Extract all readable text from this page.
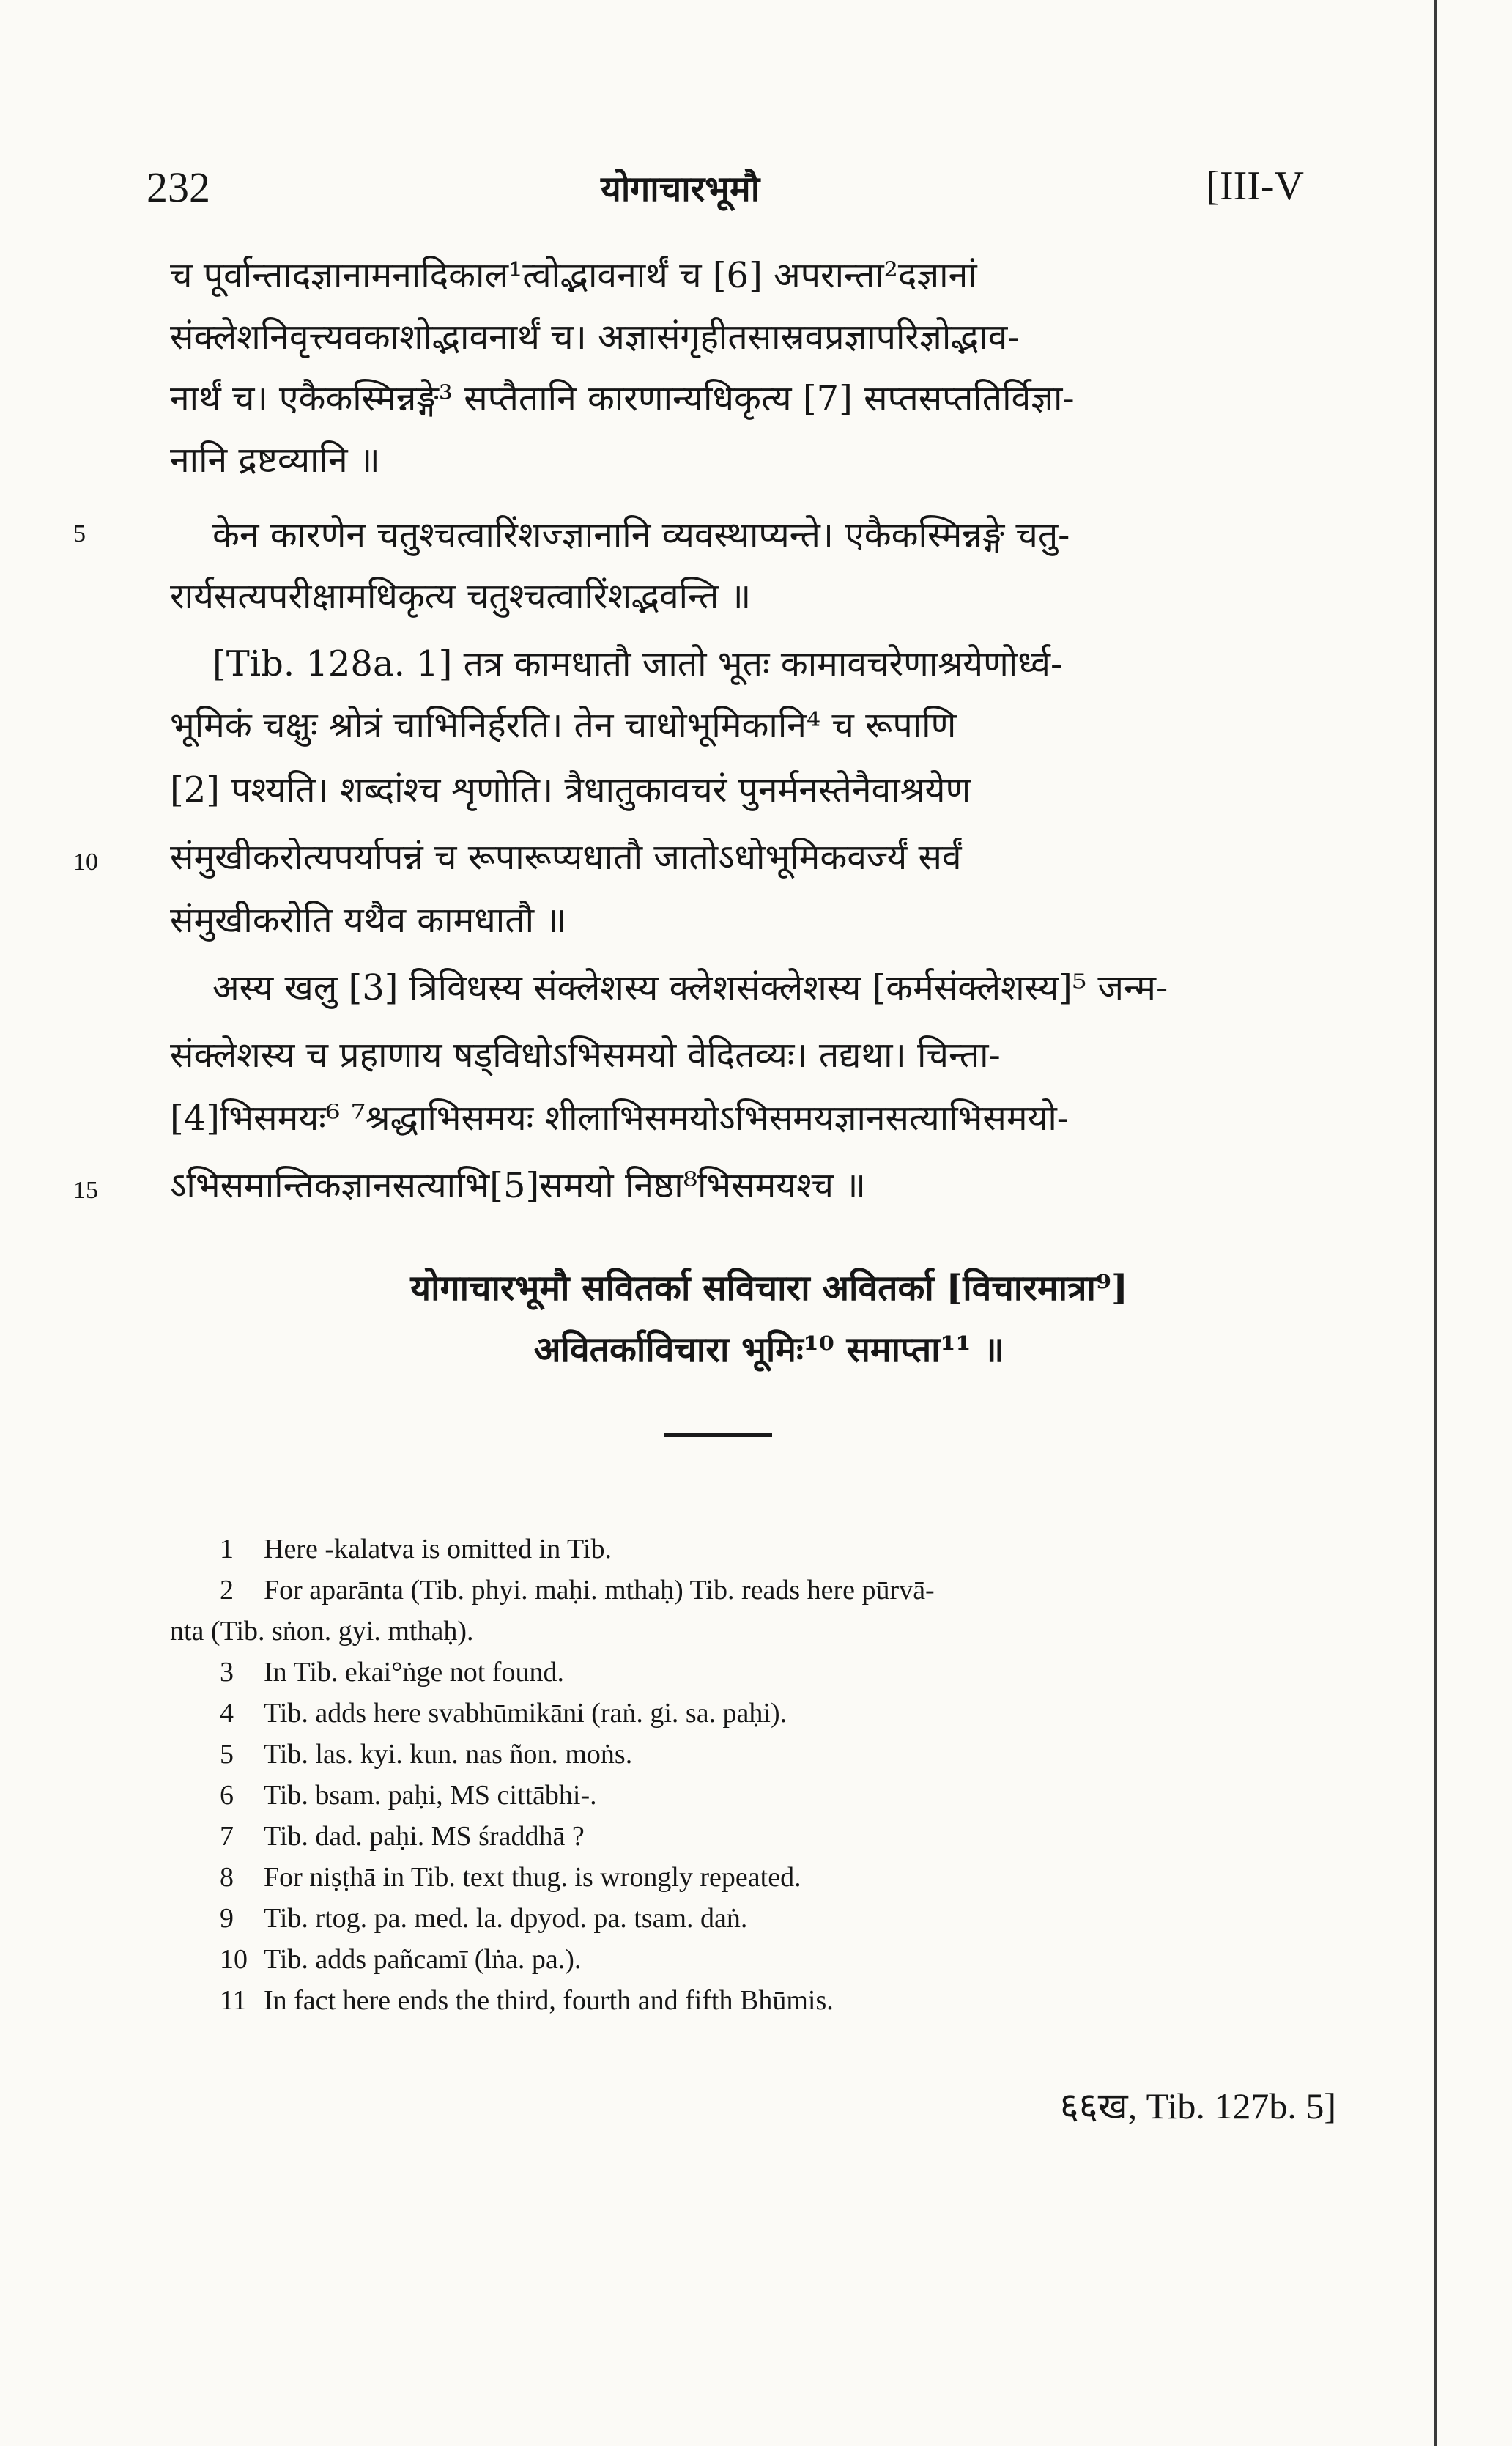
232	योगाचारभूमौ	[III-V

च पूर्वान्तादज्ञानामनादिकाल¹त्वोद्भावनार्थं च [6] अपरान्ता²दज्ञानां

संक्लेशनिवृत्त्यवकाशोद्भावनार्थं च। अज्ञासंगृहीतसास्रवप्रज्ञापरिज्ञोद्भाव-

नार्थं च। एकैकस्मिन्नङ्गे³ सप्तैतानि कारणान्यधिकृत्य [7] सप्तसप्ततिर्विज्ञा-

नानि द्रष्टव्यानि ॥

केन कारणेन चतुश्चत्वारिंशज्ज्ञानानि व्यवस्थाप्यन्ते। एकैकस्मिन्नङ्गे चतु-

रार्यसत्यपरीक्षामधिकृत्य चतुश्चत्वारिंशद्भवन्ति ॥

[Tib. 128a. 1] तत्र कामधातौ जातो भूतः कामावचरेणाश्रयेणोर्ध्व-

भूमिकं चक्षुः श्रोत्रं चाभिनिर्हरति। तेन चाधोभूमिकानि⁴ च रूपाणि

[2] पश्यति। शब्दांश्च शृणोति। त्रैधातुकावचरं पुनर्मनस्तेनैवाश्रयेण

संमुखीकरोत्यपर्यापन्नं च रूपारूप्यधातौ जातोऽधोभूमिकवर्ज्यं सर्वं

संमुखीकरोति यथैव कामधातौ ॥

अस्य खलु [3] त्रिविधस्य संक्लेशस्य क्लेशसंक्लेशस्य [कर्मसंक्लेशस्य]⁵ जन्म-

संक्लेशस्य च प्रहाणाय षड्विधोऽभिसमयो वेदितव्यः। तद्यथा। चिन्ता-

[4]भिसमयः⁶ ⁷श्रद्धाभिसमयः शीलाभिसमयोऽभिसमयज्ञानसत्याभिसमयो-

ऽभिसमान्तिकज्ञानसत्याभि[5]समयो निष्ठा⁸भिसमयश्च ॥

5
10
15

योगाचारभूमौ सवितर्का सविचारा अवितर्का [विचारमात्रा⁹]

अवितर्काविचारा भूमिः¹⁰ समाप्ता¹¹ ॥

1 Here -kalatva is omitted in Tib.

2 For aparānta (Tib. phyi. maḥi. mthaḥ) Tib. reads here pūrvā-

nta (Tib. sṅon. gyi. mthaḥ).

3 In Tib. ekai°ṅge not found.

4 Tib. adds here svabhūmikāni (raṅ. gi. sa. paḥi).

5 Tib. las. kyi. kun. nas ñon. moṅs.

6 Tib. bsam. paḥi, MS cittābhi-.

7 Tib. dad. paḥi. MS śraddhā ?

8 For niṣṭhā in Tib. text thug. is wrongly repeated.

9 Tib. rtog. pa. med. la. dpyod. pa. tsam. daṅ.

10 Tib. adds pañcamī (lṅa. pa.).

11 In fact here ends the third, fourth and fifth Bhūmis.

६६ख, Tib. 127b. 5]
